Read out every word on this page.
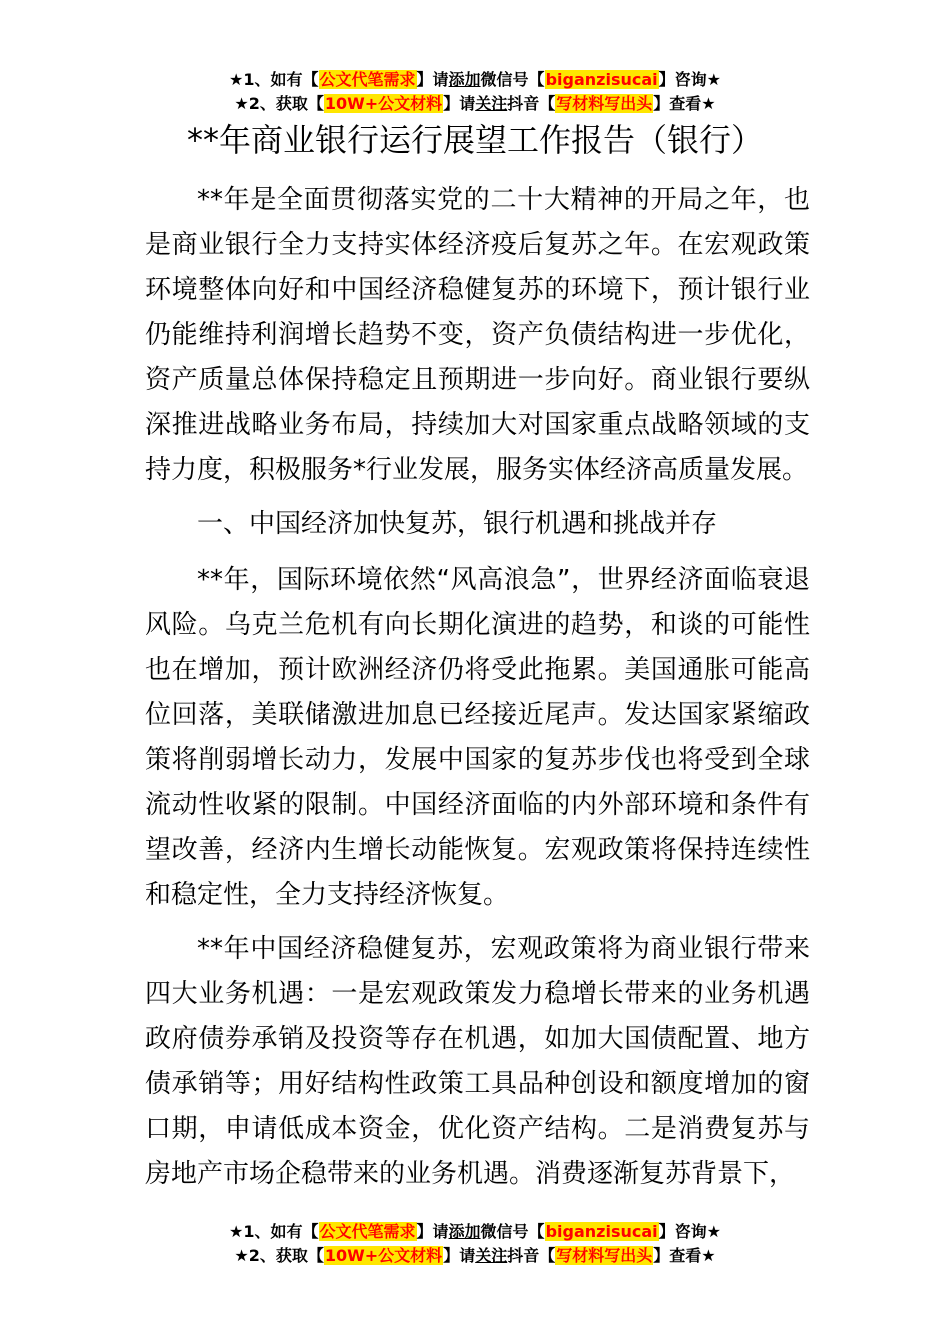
★1、如有【公文代笔需求】请添加微信号【biganzisucai】咨询★
★2、获取【10W+公文材料】请关注抖音【写材料写出头】查看★
**年商业银行运行展望工作报告（银行）

**年是全面贯彻落实党的二十大精神的开局之年，也是商业银行全力支持实体经济疫后复苏之年。在宏观政策环境整体向好和中国经济稳健复苏的环境下，预计银行业仍能维持利润增长趋势不变，资产负债结构进一步优化，资产质量总体保持稳定且预期进一步向好。商业银行要纵深推进战略业务布局，持续加大对国家重点战略领域的支持力度，积极服务*行业发展，服务实体经济高质量发展。

一、中国经济加快复苏，银行机遇和挑战并存

**年，国际环境依然“风高浪急”，世界经济面临衰退风险。乌克兰危机有向长期化演进的趋势，和谈的可能性也在增加，预计欧洲经济仍将受此拖累。美国通胀可能高位回落，美联储激进加息已经接近尾声。发达国家紧缩政策将削弱增长动力，发展中国家的复苏步伐也将受到全球流动性收紧的限制。中国经济面临的内外部环境和条件有望改善，经济内生增长动能恢复。宏观政策将保持连续性和稳定性，全力支持经济恢复。

**年中国经济稳健复苏，宏观政策将为商业银行带来四大业务机遇：一是宏观政策发力稳增长带来的业务机遇政府债券承销及投资等存在机遇，如加大国债配置、地方债承销等；用好结构性政策工具品种创设和额度增加的窗口期，申请低成本资金，优化资产结构。二是消费复苏与房地产市场企稳带来的业务机遇。消费逐渐复苏背景下，

★1、如有【公文代笔需求】请添加微信号【biganzisucai】咨询★
★2、获取【10W+公文材料】请关注抖音【写材料写出头】查看★
